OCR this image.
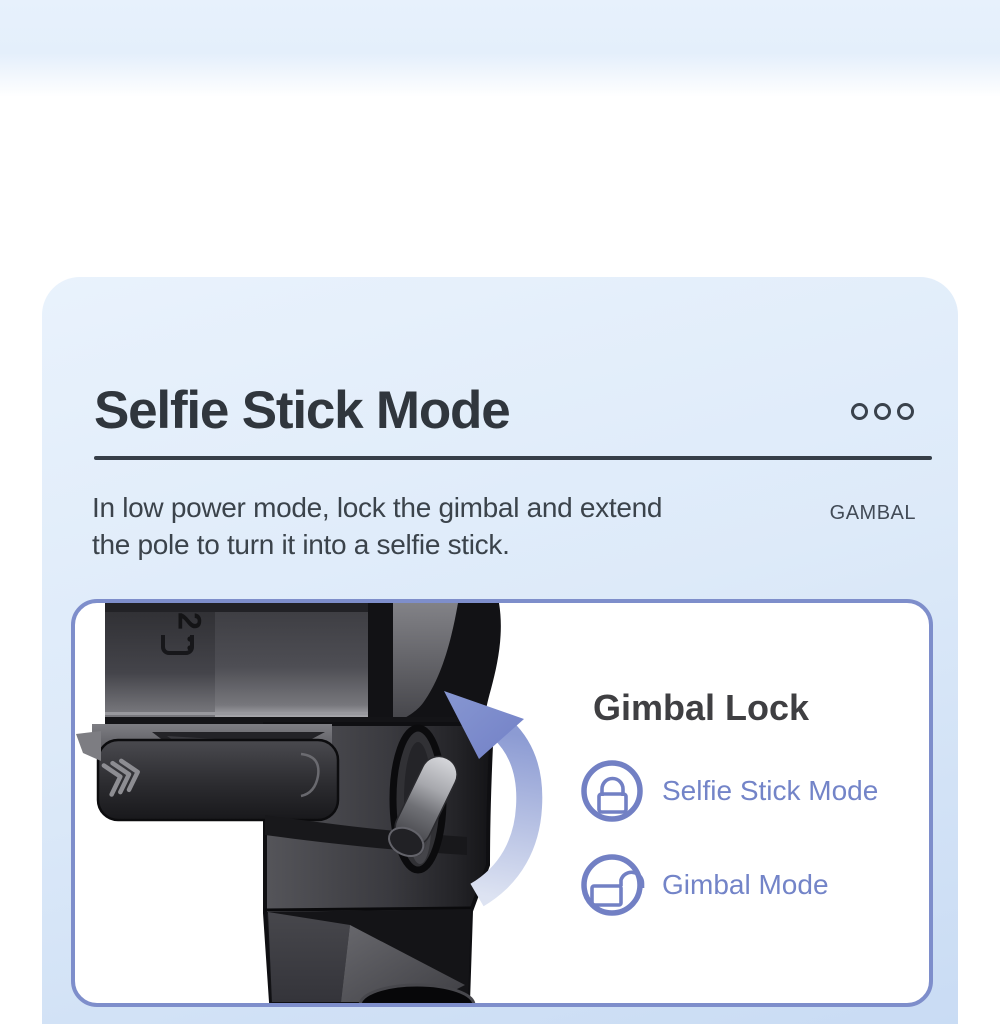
Selfie Stick Mode
In low power mode, lock the gimbal and extend
the pole to turn it into a selfie stick.
GAMBAL
2
Gimbal Lock
Selfie Stick Mode
Gimbal Mode
